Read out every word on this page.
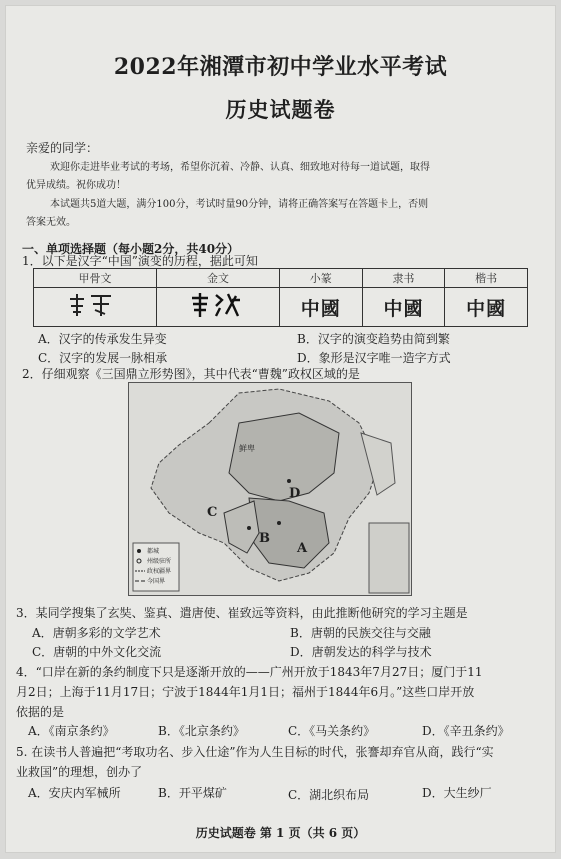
2022年湘潭市初中学业水平考试
历史试题卷
亲爱的同学：
欢迎你走进毕业考试的考场，希望你沉着、冷静、认真、细致地对待每一道试题，取得
优异成绩。祝你成功！
本试题共5道大题，满分100分，考试时量90分钟，请将正确答案写在答题卡上，否则
答案无效。
一、单项选择题（每小题2分，共40分）
1．以下是汉字“中国”演变的历程，据此可知
甲骨文	金文	小篆	隶书	楷书
		中國	中國	中國
A．汉字的传承发生异变	B．汉字的演变趋势由简到繁
C．汉字的发展一脉相承	D．象形是汉字唯一造字方式
2．仔细观察《三国鼎立形势图》，其中代表“曹魏”政权区域的是
鲜卑
D
C
B
A
都城
州级驻所
政权疆界
今国界
3．某同学搜集了玄奘、鉴真、遣唐使、崔致远等资料，由此推断他研究的学习主题是
A．唐朝多彩的文学艺术	B．唐朝的民族交往与交融
C．唐朝的中外文化交流	D．唐朝发达的科学与技术
4．“口岸在新的条约制度下只是逐渐开放的——广州开放于1843年7月27日；厦门于11
月2日；上海于11月17日；宁波于1844年1月1日；福州于1844年6月。”这些口岸开放
依据的是
A．《南京条约》	B．《北京条约》	C．《马关条约》	D．《辛丑条约》
5. 在读书人普遍把“考取功名、步入仕途”作为人生目标的时代，张謇却弃官从商，践行“实
业救国”的理想，创办了
A．安庆内军械所	B．开平煤矿	C．湖北织布局	D．大生纱厂
历史试题卷 第 1 页（共 6 页）
